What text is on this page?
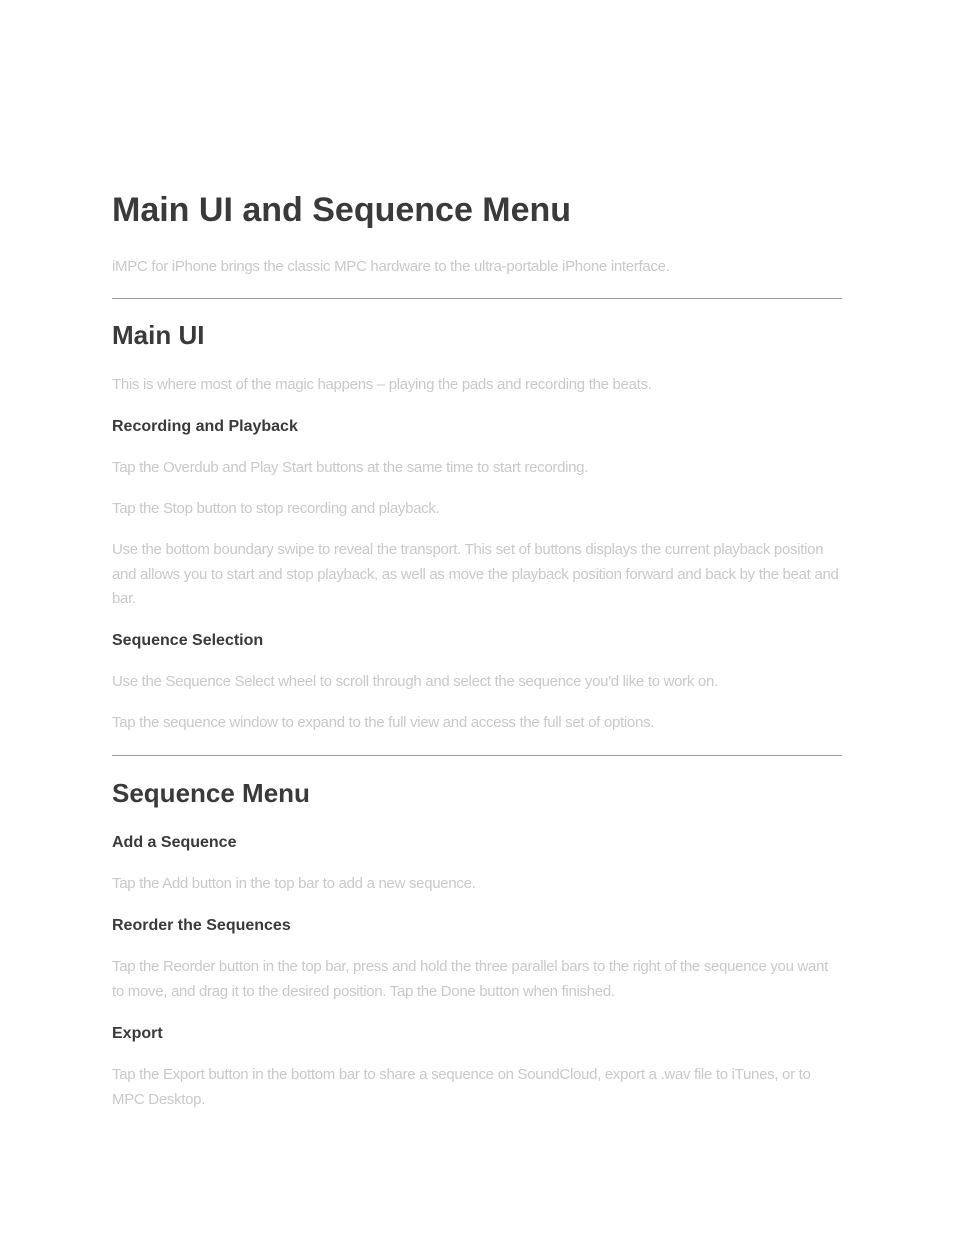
Main UI and Sequence Menu

iMPC for iPhone brings the classic MPC hardware to the ultra-portable iPhone interface.

Main UI

This is where most of the magic happens – playing the pads and recording the beats.

Recording and Playback

Tap the Overdub and Play Start buttons at the same time to start recording.

Tap the Stop button to stop recording and playback.

Use the bottom boundary swipe to reveal the transport. This set of buttons displays the current playback position and allows you to start and stop playback, as well as move the playback position forward and back by the beat and bar.

Sequence Selection

Use the Sequence Select wheel to scroll through and select the sequence you'd like to work on.

Tap the sequence window to expand to the full view and access the full set of options.

Sequence Menu
Add a Sequence

Tap the Add button in the top bar to add a new sequence.

Reorder the Sequences

Tap the Reorder button in the top bar, press and hold the three parallel bars to the right of the sequence you want to move, and drag it to the desired position. Tap the Done button when finished.

Export

Tap the Export button in the bottom bar to share a sequence on SoundCloud, export a .wav file to iTunes, or to MPC Desktop.
